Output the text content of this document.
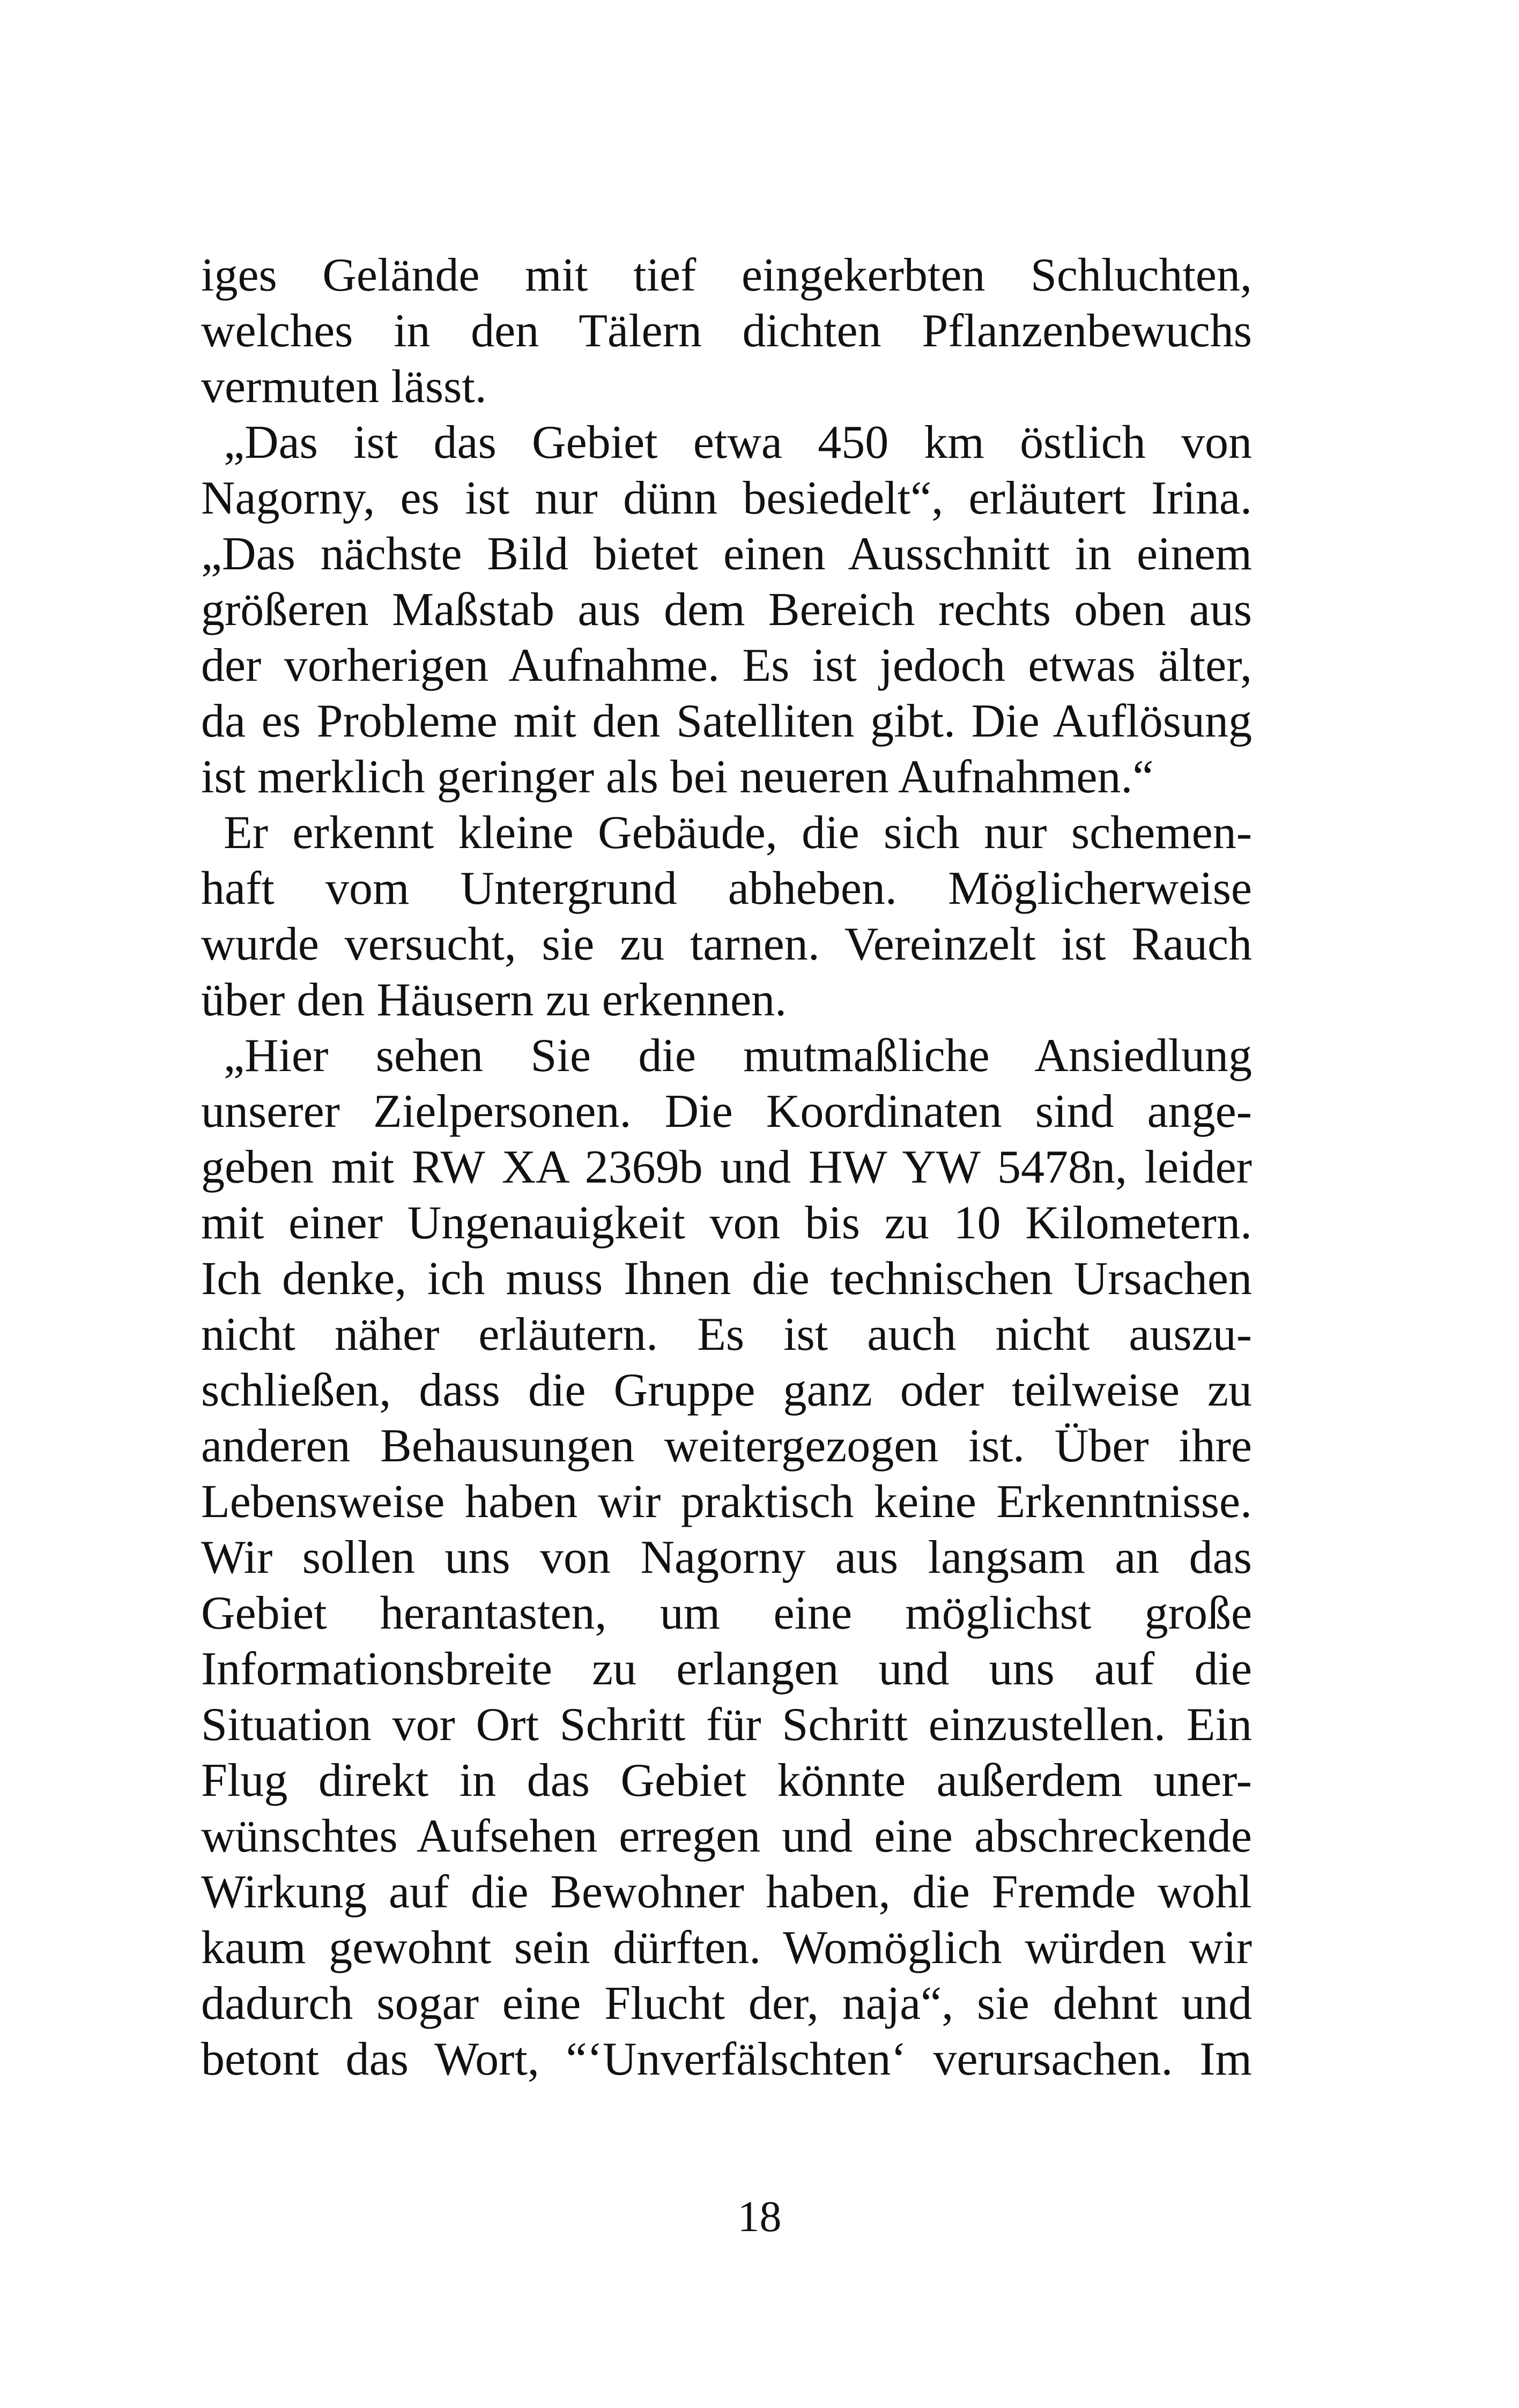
iges Gelände mit tief eingekerbten Schluchten,
welches in den Tälern dichten Pflanzenbewuchs
vermuten lässt.
„Das ist das Gebiet etwa 450 km östlich von
Nagorny, es ist nur dünn besiedelt“, erläutert Irina.
„Das nächste Bild bietet einen Ausschnitt in einem
größeren Maßstab aus dem Bereich rechts oben aus
der vorherigen Aufnahme. Es ist jedoch etwas älter,
da es Probleme mit den Satelliten gibt. Die Auflösung
ist merklich geringer als bei neueren Aufnahmen.“
Er erkennt kleine Gebäude, die sich nur schemen-
haft vom Untergrund abheben. Möglicherweise
wurde versucht, sie zu tarnen. Vereinzelt ist Rauch
über den Häusern zu erkennen.
„Hier sehen Sie die mutmaßliche Ansiedlung
unserer Zielpersonen. Die Koordinaten sind ange-
geben mit RW XA 2369b und HW YW 5478n, leider
mit einer Ungenauigkeit von bis zu 10 Kilometern.
Ich denke, ich muss Ihnen die technischen Ursachen
nicht näher erläutern. Es ist auch nicht auszu-
schließen, dass die Gruppe ganz oder teilweise zu
anderen Behausungen weitergezogen ist. Über ihre
Lebensweise haben wir praktisch keine Erkenntnisse.
Wir sollen uns von Nagorny aus langsam an das
Gebiet herantasten, um eine möglichst große
Informationsbreite zu erlangen und uns auf die
Situation vor Ort Schritt für Schritt einzustellen. Ein
Flug direkt in das Gebiet könnte außerdem uner-
wünschtes Aufsehen erregen und eine abschreckende
Wirkung auf die Bewohner haben, die Fremde wohl
kaum gewohnt sein dürften. Womöglich würden wir
dadurch sogar eine Flucht der, naja“, sie dehnt und
betont das Wort, “‘Unverfälschten‘ verursachen. Im
18
